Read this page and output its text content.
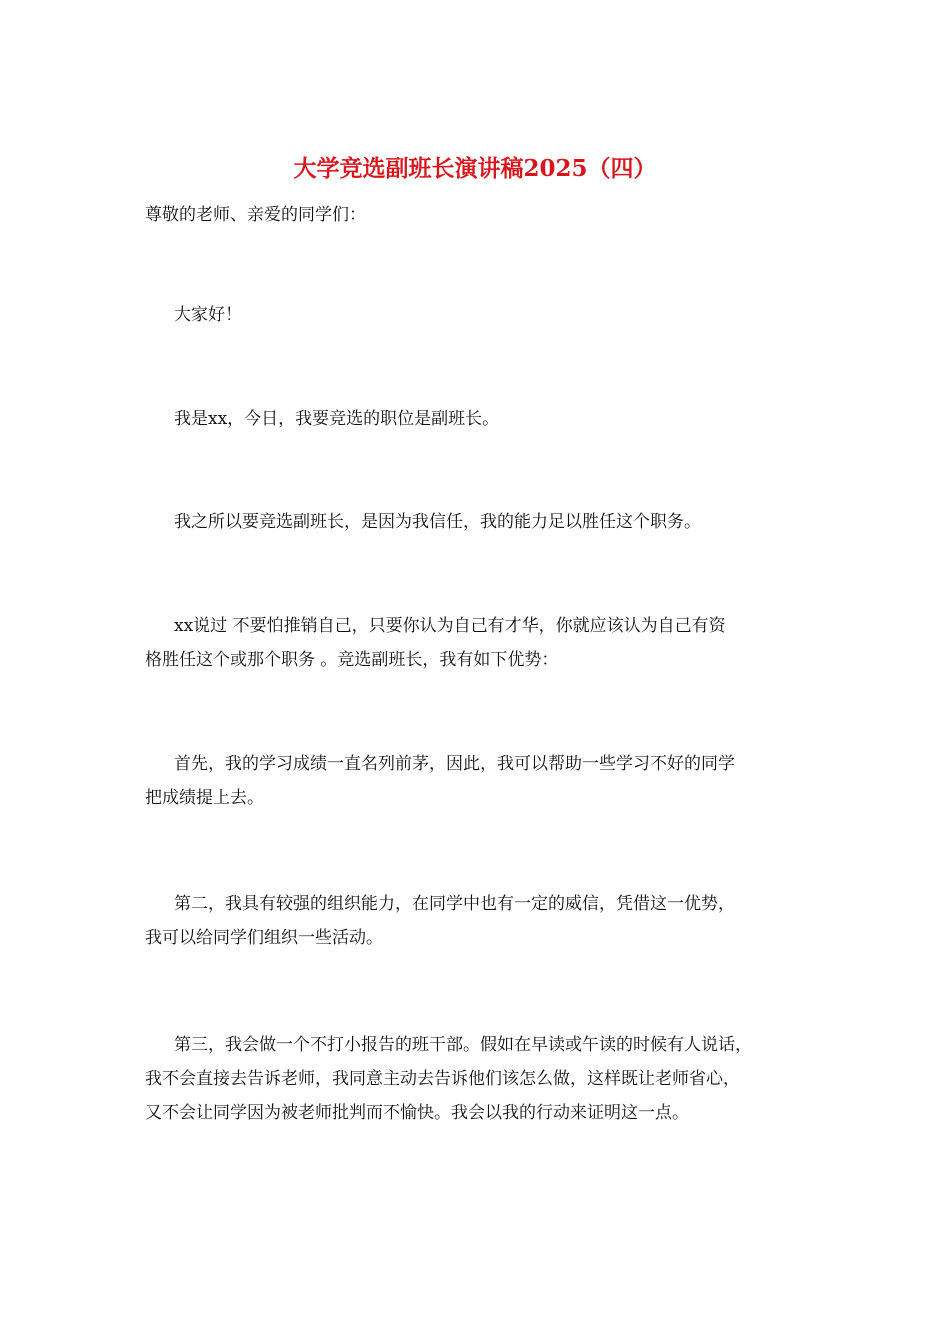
大学竞选副班长演讲稿2025（四）

尊敬的老师、亲爱的同学们：

大家好！

我是xx，今日，我要竞选的职位是副班长。

我之所以要竞选副班长，是因为我信任，我的能力足以胜任这个职务。

xx说过 不要怕推销自己，只要你认为自己有才华，你就应该认为自己有资
格胜任这个或那个职务 。竞选副班长，我有如下优势：

首先，我的学习成绩一直名列前茅，因此，我可以帮助一些学习不好的同学
把成绩提上去。

第二，我具有较强的组织能力，在同学中也有一定的威信，凭借这一优势，
我可以给同学们组织一些活动。

第三，我会做一个不打小报告的班干部。假如在早读或午读的时候有人说话，
我不会直接去告诉老师，我同意主动去告诉他们该怎么做，这样既让老师省心，
又不会让同学因为被老师批判而不愉快。我会以我的行动来证明这一点。
